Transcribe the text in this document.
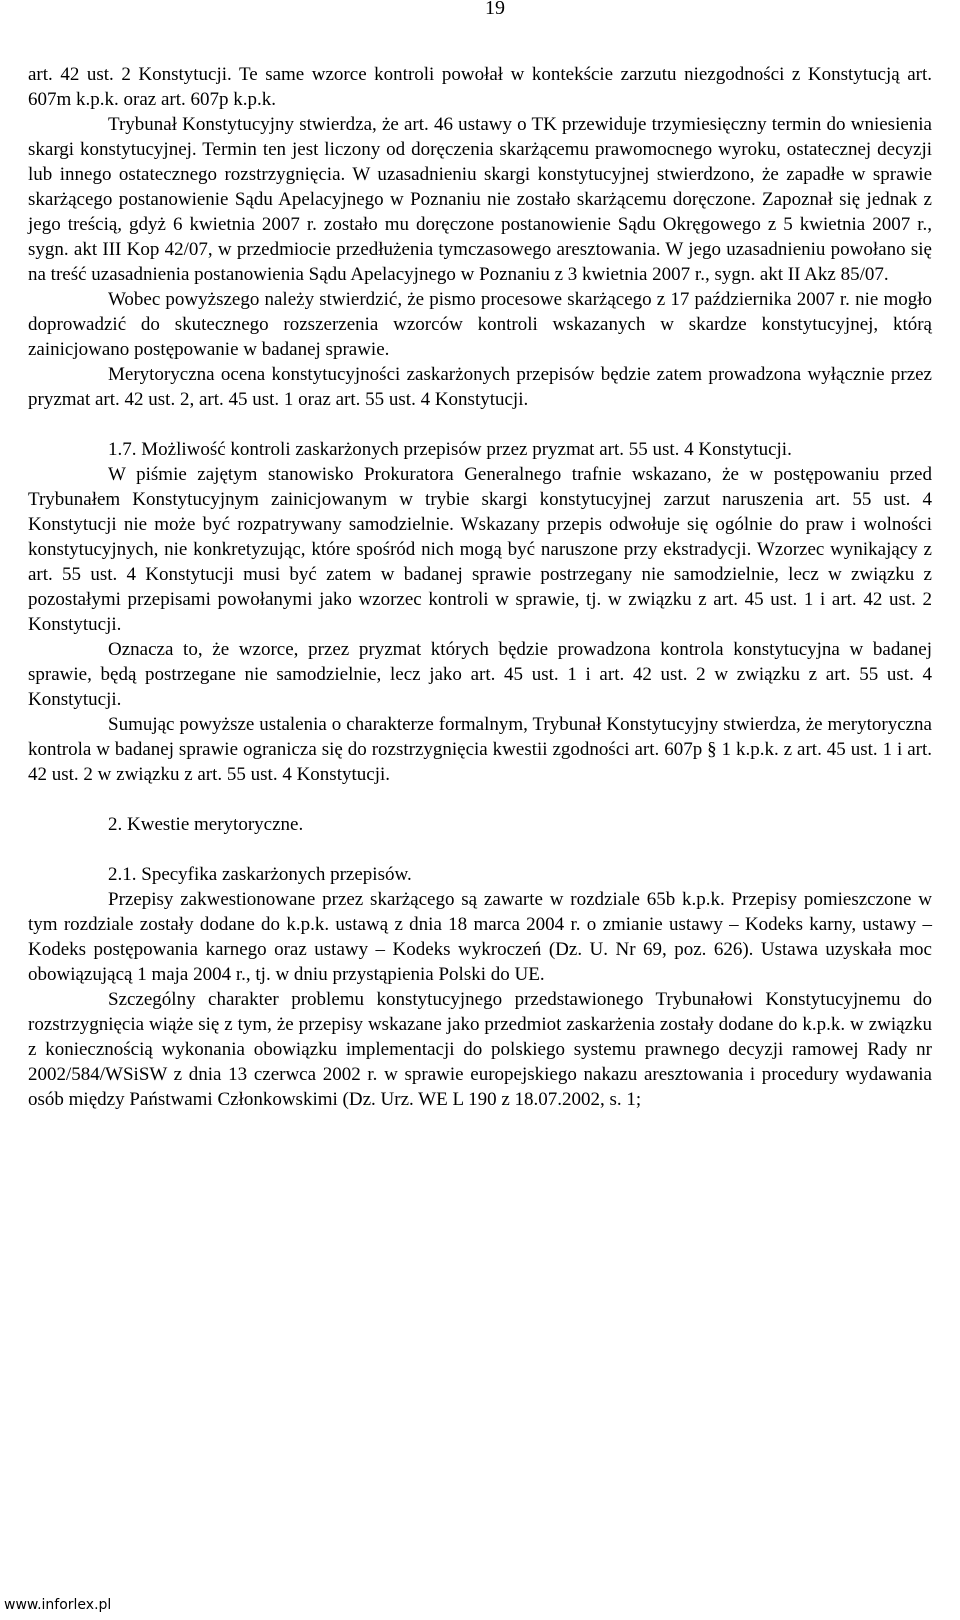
19

art. 42 ust. 2 Konstytucji. Te same wzorce kontroli powołał w kontekście zarzutu niezgodności z Konstytucją art. 607m k.p.k. oraz art. 607p k.p.k.

Trybunał Konstytucyjny stwierdza, że art. 46 ustawy o TK przewiduje trzymiesięczny termin do wniesienia skargi konstytucyjnej. Termin ten jest liczony od doręczenia skarżącemu prawomocnego wyroku, ostatecznej decyzji lub innego ostatecznego rozstrzygnięcia. W uzasadnieniu skargi konstytucyjnej stwierdzono, że zapadłe w sprawie skarżącego postanowienie Sądu Apelacyjnego w Poznaniu nie zostało skarżącemu doręczone. Zapoznał się jednak z jego treścią, gdyż 6 kwietnia 2007 r. zostało mu doręczone postanowienie Sądu Okręgowego z 5 kwietnia 2007 r., sygn. akt III Kop 42/07, w przedmiocie przedłużenia tymczasowego aresztowania. W jego uzasadnieniu powołano się na treść uzasadnienia postanowienia Sądu Apelacyjnego w Poznaniu z 3 kwietnia 2007 r., sygn. akt II Akz 85/07.

Wobec powyższego należy stwierdzić, że pismo procesowe skarżącego z 17 października 2007 r. nie mogło doprowadzić do skutecznego rozszerzenia wzorców kontroli wskazanych w skardze konstytucyjnej, którą zainicjowano postępowanie w badanej sprawie.

Merytoryczna ocena konstytucyjności zaskarżonych przepisów będzie zatem prowadzona wyłącznie przez pryzmat art. 42 ust. 2, art. 45 ust. 1 oraz art. 55 ust. 4 Konstytucji.

1.7. Możliwość kontroli zaskarżonych przepisów przez pryzmat art. 55 ust. 4 Konstytucji.

W piśmie zajętym stanowisko Prokuratora Generalnego trafnie wskazano, że w postępowaniu przed Trybunałem Konstytucyjnym zainicjowanym w trybie skargi konstytucyjnej zarzut naruszenia art. 55 ust. 4 Konstytucji nie może być rozpatrywany samodzielnie. Wskazany przepis odwołuje się ogólnie do praw i wolności konstytucyjnych, nie konkretyzując, które spośród nich mogą być naruszone przy ekstradycji. Wzorzec wynikający z art. 55 ust. 4 Konstytucji musi być zatem w badanej sprawie postrzegany nie samodzielnie, lecz w związku z pozostałymi przepisami powołanymi jako wzorzec kontroli w sprawie, tj. w związku z art. 45 ust. 1 i art. 42 ust. 2 Konstytucji.

Oznacza to, że wzorce, przez pryzmat których będzie prowadzona kontrola konstytucyjna w badanej sprawie, będą postrzegane nie samodzielnie, lecz jako art. 45 ust. 1 i art. 42 ust. 2 w związku z art. 55 ust. 4 Konstytucji.

Sumując powyższe ustalenia o charakterze formalnym, Trybunał Konstytucyjny stwierdza, że merytoryczna kontrola w badanej sprawie ogranicza się do rozstrzygnięcia kwestii zgodności art. 607p § 1 k.p.k. z art. 45 ust. 1 i art. 42 ust. 2 w związku z art. 55 ust. 4 Konstytucji.

2. Kwestie merytoryczne.

2.1. Specyfika zaskarżonych przepisów.

Przepisy zakwestionowane przez skarżącego są zawarte w rozdziale 65b k.p.k. Przepisy pomieszczone w tym rozdziale zostały dodane do k.p.k. ustawą z dnia 18 marca 2004 r. o zmianie ustawy – Kodeks karny, ustawy – Kodeks postępowania karnego oraz ustawy – Kodeks wykroczeń (Dz. U. Nr 69, poz. 626). Ustawa uzyskała moc obowiązującą 1 maja 2004 r., tj. w dniu przystąpienia Polski do UE.

Szczególny charakter problemu konstytucyjnego przedstawionego Trybunałowi Konstytucyjnemu do rozstrzygnięcia wiąże się z tym, że przepisy wskazane jako przedmiot zaskarżenia zostały dodane do k.p.k. w związku z koniecznością wykonania obowiązku implementacji do polskiego systemu prawnego decyzji ramowej Rady nr 2002/584/WSiSW z dnia 13 czerwca 2002 r. w sprawie europejskiego nakazu aresztowania i procedury wydawania osób między Państwami Członkowskimi (Dz. Urz. WE L 190 z 18.07.2002, s. 1;

www.inforlex.pl
